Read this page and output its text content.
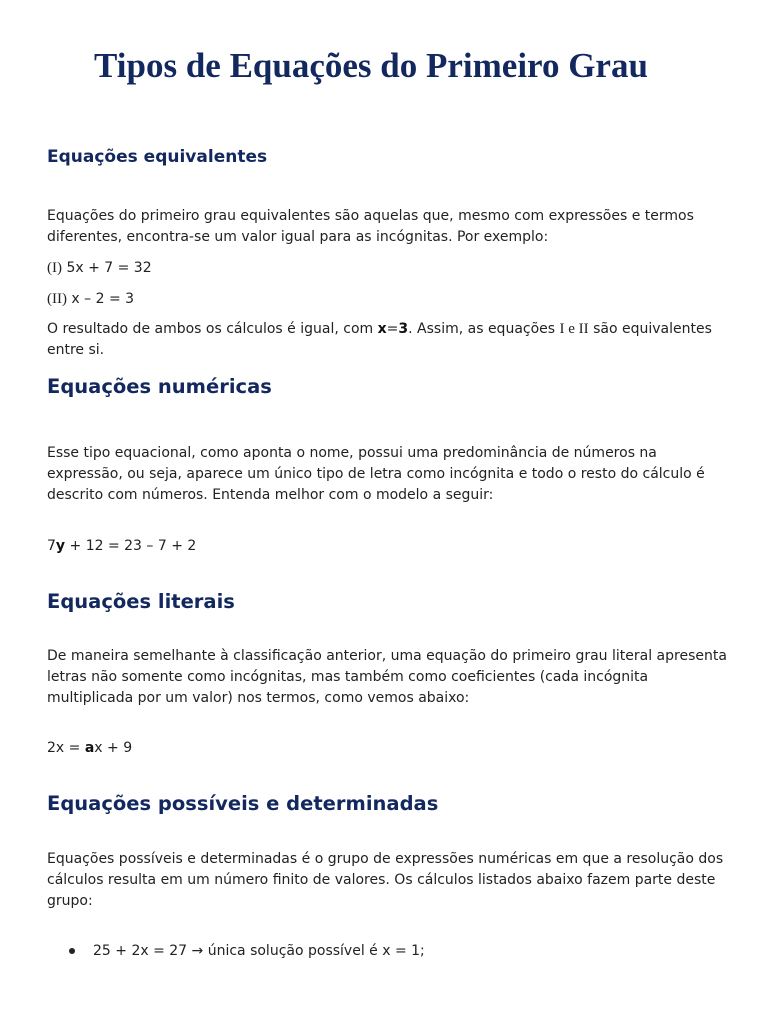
Tipos de Equações do Primeiro Grau
Equações equivalentes

Equações do primeiro grau equivalentes são aquelas que, mesmo com expressões e termos diferentes, encontra-se um valor igual para as incógnitas. Por exemplo:

(I) 5x + 7 = 32

(II) x – 2 = 3

O resultado de ambos os cálculos é igual, com x=3. Assim, as equações I e II são equivalentes entre si.

Equações numéricas

Esse tipo equacional, como aponta o nome, possui uma predominância de números na expressão, ou seja, aparece um único tipo de letra como incógnita e todo o resto do cálculo é descrito com números. Entenda melhor com o modelo a seguir:

7y + 12 = 23 – 7 + 2

Equações literais

De maneira semelhante à classificação anterior, uma equação do primeiro grau literal apresenta letras não somente como incógnitas, mas também como coeficientes (cada incógnita multiplicada por um valor) nos termos, como vemos abaixo:

2x = ax + 9

Equações possíveis e determinadas

Equações possíveis e determinadas é o grupo de expressões numéricas em que a resolução dos cálculos resulta em um número finito de valores. Os cálculos listados abaixo fazem parte deste grupo:

25 + 2x = 27 → única solução possível é x = 1;
